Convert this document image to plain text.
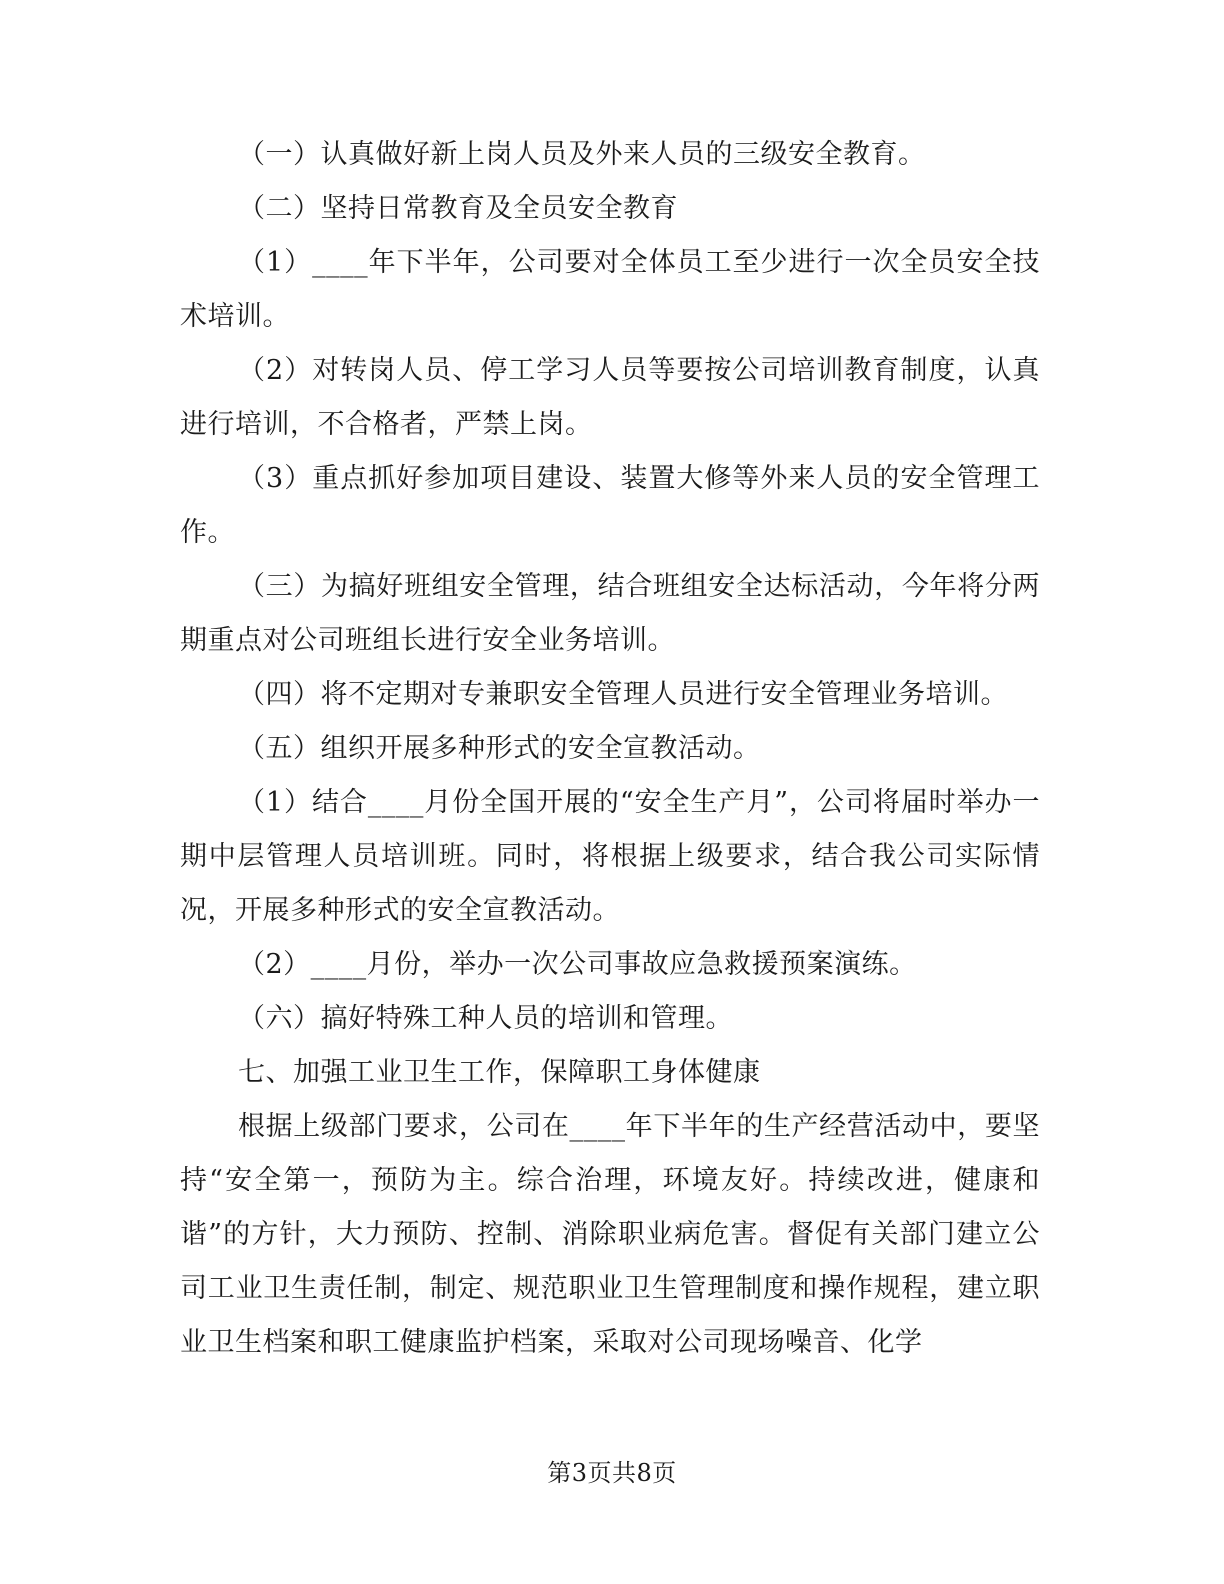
（一）认真做好新上岗人员及外来人员的三级安全教育。

（二）坚持日常教育及全员安全教育

（1）____年下半年，公司要对全体员工至少进行一次全员安全技术培训。

（2）对转岗人员、停工学习人员等要按公司培训教育制度，认真进行培训，不合格者，严禁上岗。

（3）重点抓好参加项目建设、装置大修等外来人员的安全管理工作。

（三）为搞好班组安全管理，结合班组安全达标活动，今年将分两期重点对公司班组长进行安全业务培训。

（四）将不定期对专兼职安全管理人员进行安全管理业务培训。

（五）组织开展多种形式的安全宣教活动。

（1）结合____月份全国开展的“安全生产月”，公司将届时举办一期中层管理人员培训班。同时，将根据上级要求，结合我公司实际情况，开展多种形式的安全宣教活动。

（2）____月份，举办一次公司事故应急救援预案演练。

（六）搞好特殊工种人员的培训和管理。

七、加强工业卫生工作，保障职工身体健康

根据上级部门要求，公司在____年下半年的生产经营活动中，要坚持“安全第一，预防为主。综合治理，环境友好。持续改进，健康和谐”的方针，大力预防、控制、消除职业病危害。督促有关部门建立公司工业卫生责任制，制定、规范职业卫生管理制度和操作规程，建立职业卫生档案和职工健康监护档案，采取对公司现场噪音、化学

第3页共8页
